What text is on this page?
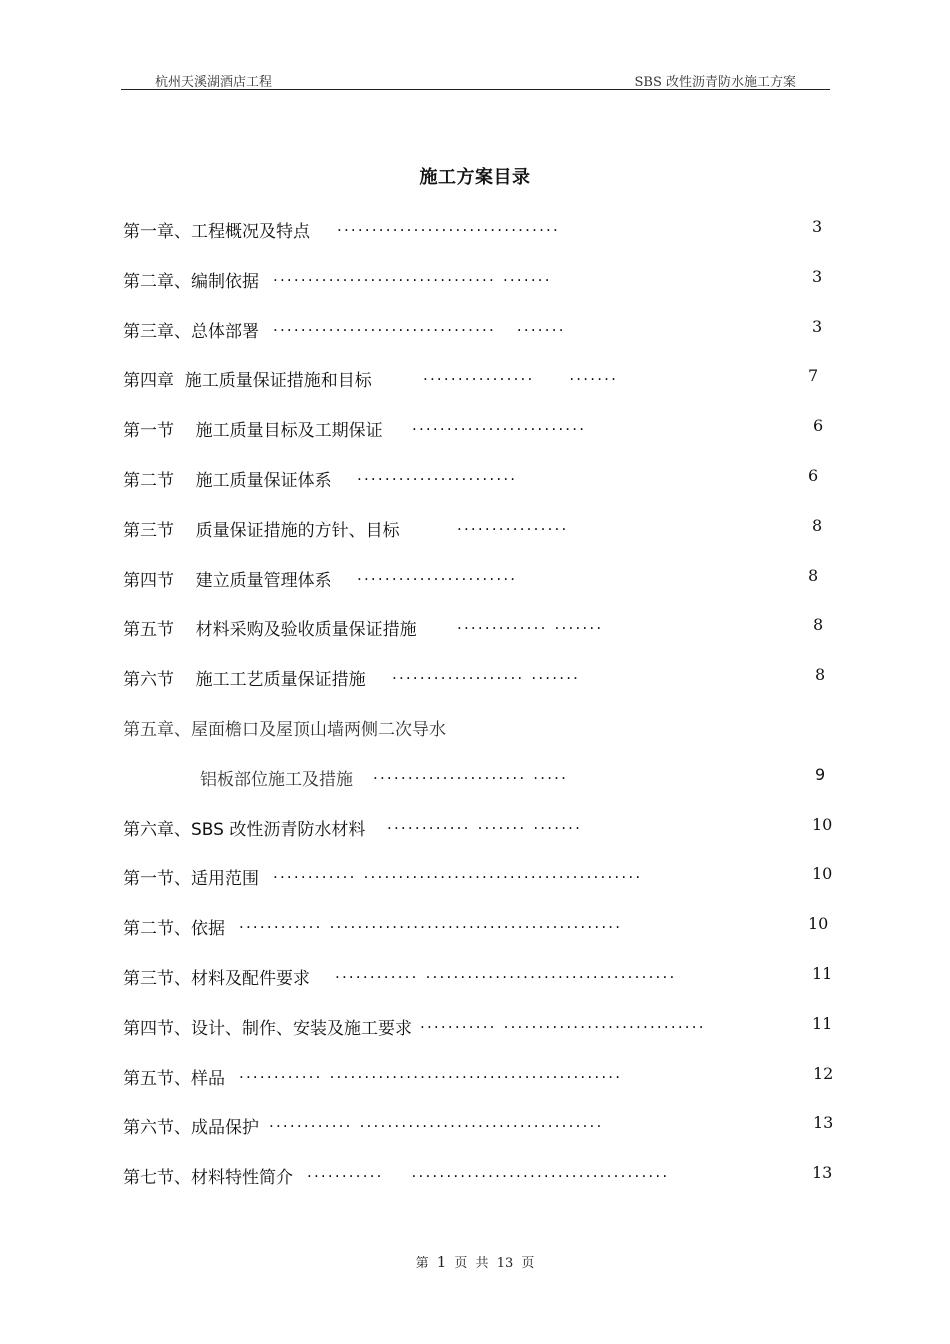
杭州天溪湖酒店工程	SBS 改性沥青防水施工方案
施工方案目录
第一章、工程概况及特点 ................................	3
第二章、编制依据 ................................ .......	3
第三章、总体部署 ................................   .......	3
第四章  施工质量保证措施和目标	................     .......	7
第一节    施工质量目标及工期保证 .........................	6
第二节    施工质量保证体系 .......................	6
第三节    质量保证措施的方针、目标	................	8
第四节    建立质量管理体系 .......................	8
第五节    材料采购及验收质量保证措施	............. .......	8
第六节    施工工艺质量保证措施 ................... .......	8
第五章、屋面檐口及屋顶山墙两侧二次导水
铝板部位施工及措施 ...................... .....	9
第六章、SBS 改性沥青防水材料 ............ ....... .......	10
第一节、适用范围 ............ ........................................	10
第二节、依据 ............ ..........................................	10
第三节、材料及配件要求 ............ ....................................	11
第四节、设计、制作、安装及施工要求 ........... .............................	11
第五节、样品 ............ ..........................................	12
第六节、成品保护 ............ ...................................	13
第七节、材料特性简介 ...........    .....................................	13
第 1 页 共 13 页
